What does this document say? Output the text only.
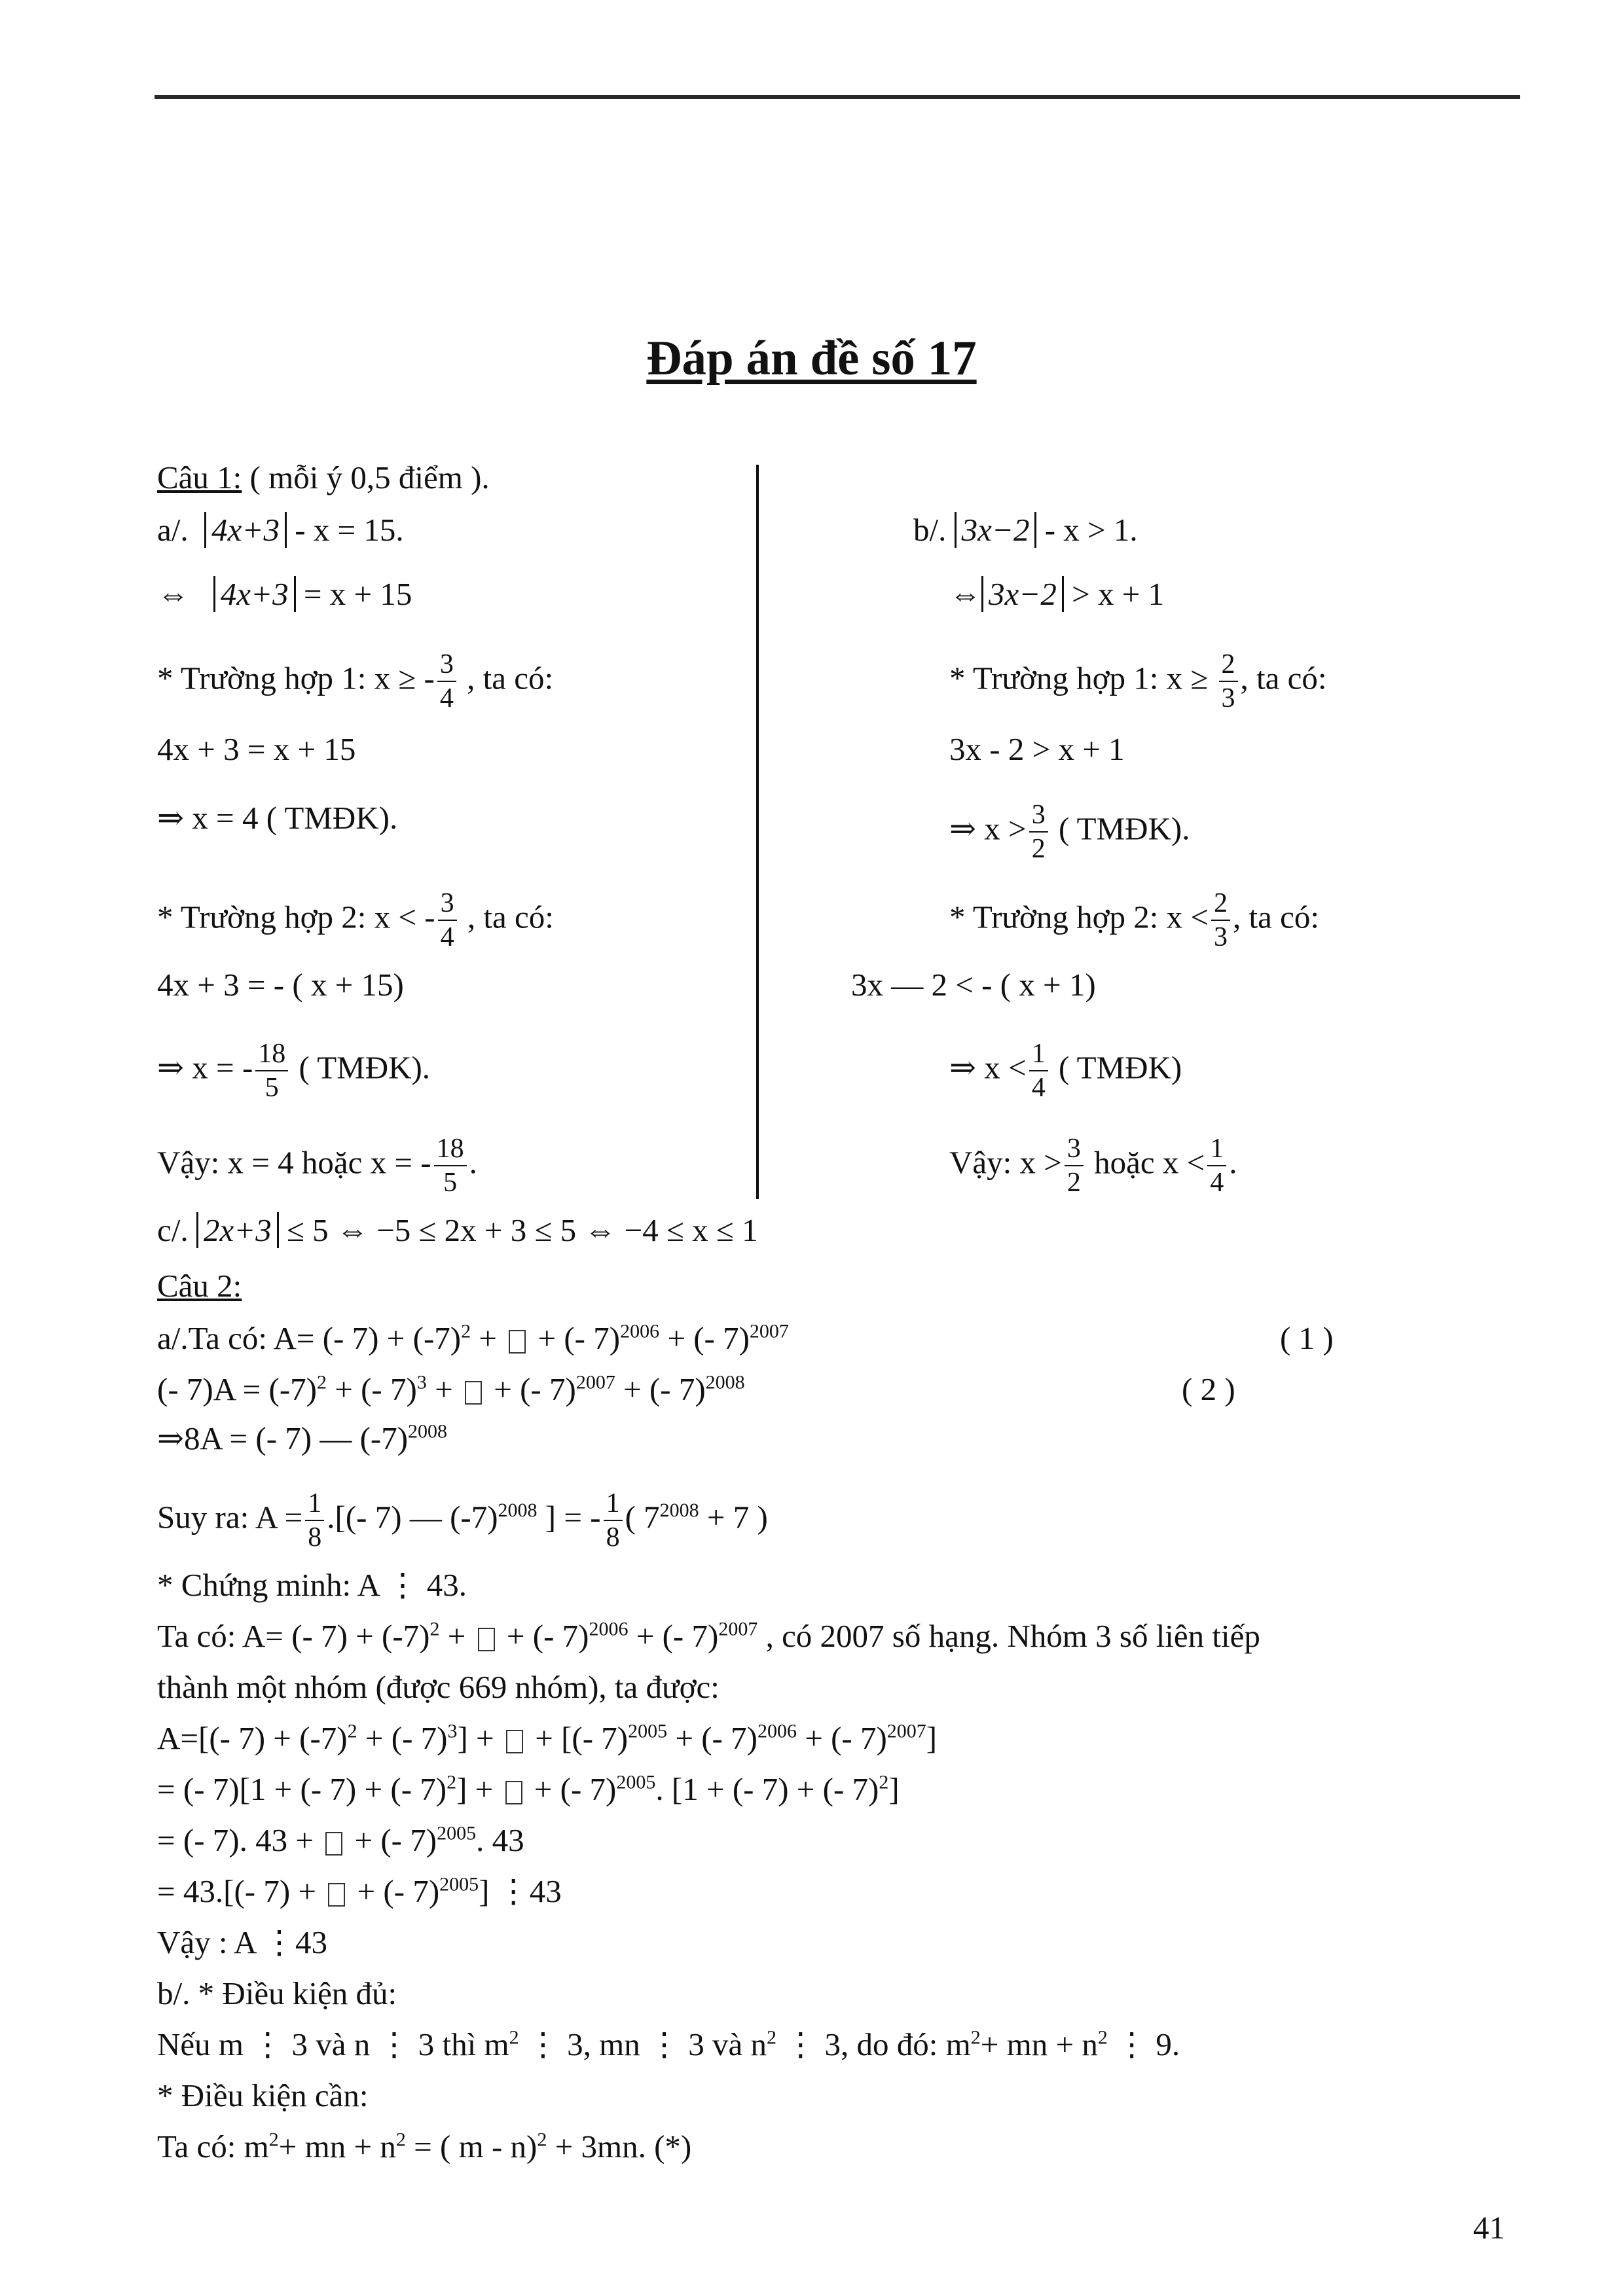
Đáp án đề số 17
Câu 1: ( mỗi ý 0,5 điểm ).
a/. 4x+3 - x = 15.
⇔ 4x+3 = x + 15
* Trường hợp 1: x ≥ - $\frac{3}{4}$ , ta có:
4x + 3 = x + 15
⇒ x = 4 ( TMĐK).
* Trường hợp 2: x < - $\frac{3}{4}$ , ta có:
4x + 3 = - ( x + 15)
⇒ x = - $\frac{18}{5}$ ( TMĐK).
Vậy: x = 4 hoặc x = - $\frac{18}{5}$ .
b/. 3x−2 - x > 1.
⇔ 3x−2 > x + 1
* Trường hợp 1: $x \ge \frac{2}{3}$ , ta có:
3x - 2 > x + 1
⇒ $x > \frac{3}{2}$ ( TMĐK).
* Trường hợp 2: $x < \frac{2}{3}$ , ta có:
3x — 2 < - ( x + 1)
⇒ $x < \frac{1}{4}$ ( TMĐK)
Vậy: $x > \frac{3}{2}$ hoặc $x < \frac{1}{4}$ .
c/. 2x+3 ≤ 5 ⇔ −5 ≤ 2x + 3 ≤ 5 ⇔ −4 ≤ x ≤ 1
Câu 2:
a/.Ta có: A= (- $7) + (-7)^2$ +  + (- 7)$^{2006}$ + (- 7)$^{2007}$	( 1 )
(- $7)A = (-7)^2$ + (- 7)$^3$ +  + (- 7)$^{2007}$ + (- 7)$^{2008}$	( 2 )
⇒8A = (- 7) — $(-7)^{2008}$
Suy ra: $A = \frac{1}{8}$ .[(- 7) — $(-7)^{2008}$ ] = - $\frac{1}{8}$ ( $7^{2008} + 7$ )
* Chứng minh: A ⋮ 43.
Ta có: A= (- $7) + (-7)^2$ +  + (- 7)$^{2006}$ + (- 7)$^{2007}$ , có 2007 số hạng. Nhóm 3 số liên tiếp
thành một nhóm (được 669 nhóm), ta được:
A=[(- $7) + (-7)^2$ + (- 7)$^3$] +  + [(- 7)$^{2005}$ + (- 7)$^{2006}$ + (- 7)$^{2007}$]
= (- 7)[1 + (- 7) + (- 7)$^2$] +  + (- 7)$^{2005}$. [1 + (- 7) + (- 7)$^2$]
= (- 7). 43 +  + (- 7)$^{2005}$. 43
= 43.[(- 7) +  + (- 7)$^{2005}$] ⋮43
Vậy : A ⋮43
b/. * Điều kiện đủ:
Nếu m ⋮ 3 và n ⋮ 3 thì $m^2$ ⋮ 3, mn ⋮ 3 và $n^2$ ⋮ 3, do đó: $m^2+$ mn + $n^2$ ⋮ 9.
* Điều kiện cần:
Ta có: $m^2+$ mn + $n^2$ = ( m - n)$^2$ + 3mn. (*)
41
